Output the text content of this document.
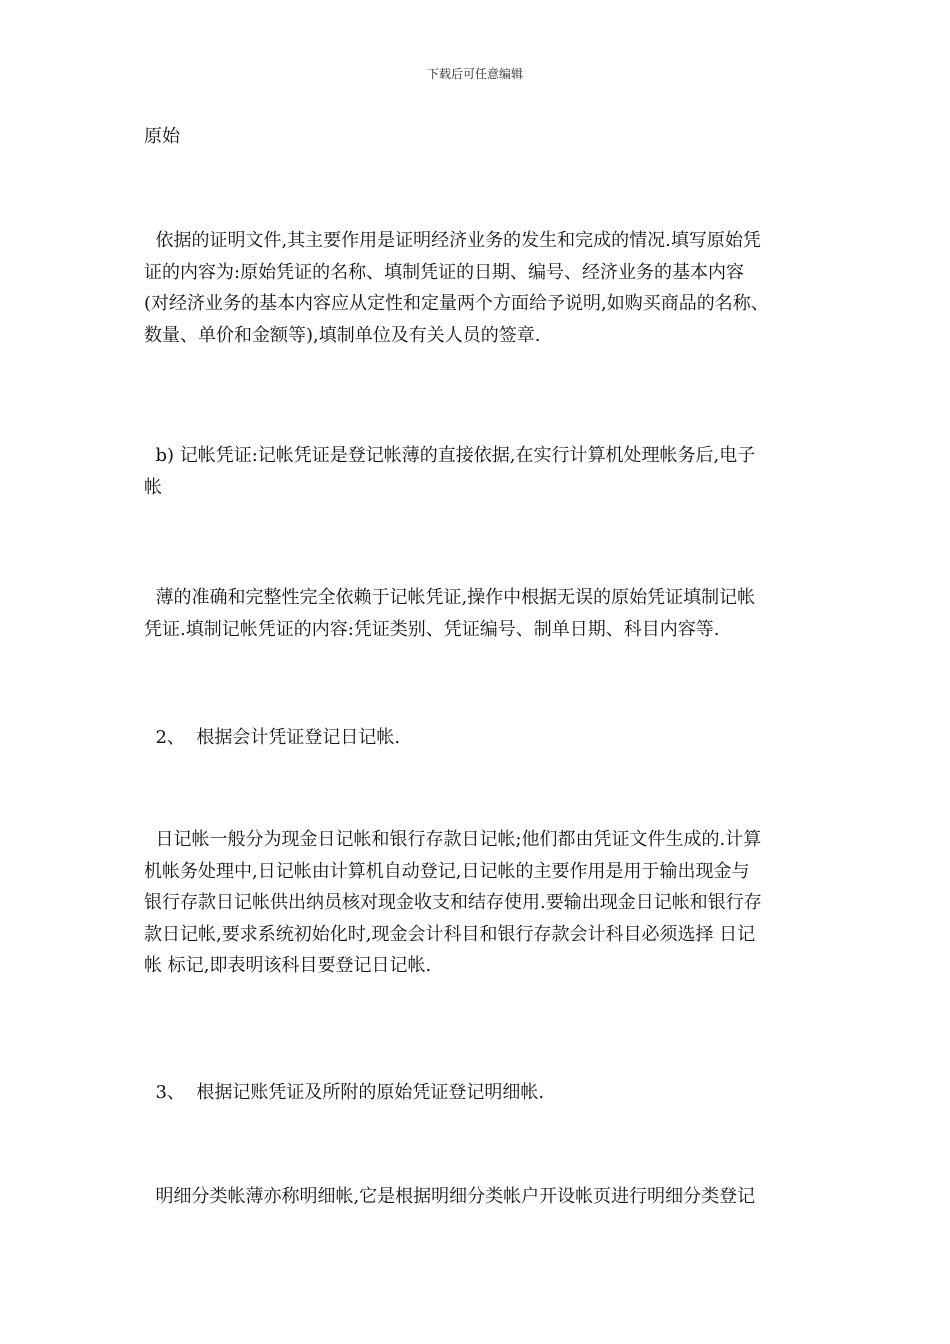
下载后可任意编辑
原始
依据的证明文件,其主要作用是证明经济业务的发生和完成的情况.填写原始凭
证的内容为:原始凭证的名称、填制凭证的日期、编号、经济业务的基本内容
(对经济业务的基本内容应从定性和定量两个方面给予说明,如购买商品的名称、
数量、单价和金额等),填制单位及有关人员的签章.
b) 记帐凭证:记帐凭证是登记帐薄的直接依据,在实行计算机处理帐务后,电子
帐
薄的准确和完整性完全依赖于记帐凭证,操作中根据无误的原始凭证填制记帐
凭证.填制记帐凭证的内容:凭证类别、凭证编号、制单日期、科目内容等.
2、  根据会计凭证登记日记帐.
日记帐一般分为现金日记帐和银行存款日记帐;他们都由凭证文件生成的.计算
机帐务处理中,日记帐由计算机自动登记,日记帐的主要作用是用于输出现金与
银行存款日记帐供出纳员核对现金收支和结存使用.要输出现金日记帐和银行存
款日记帐,要求系统初始化时,现金会计科目和银行存款会计科目必须选择 日记
帐 标记,即表明该科目要登记日记帐.
3、  根据记账凭证及所附的原始凭证登记明细帐.
明细分类帐薄亦称明细帐,它是根据明细分类帐户开设帐页进行明细分类登记
